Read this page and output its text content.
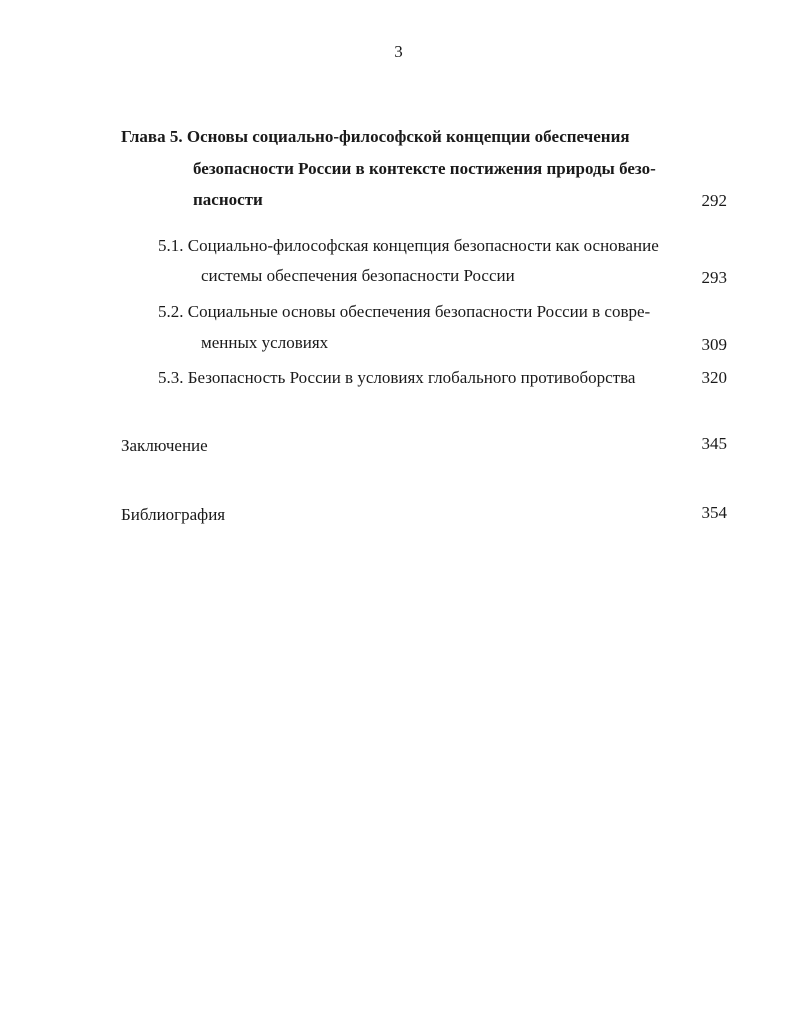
3
Глава 5. Основы социально-философской концепции обеспечения
безопасности России в контексте постижения природы безо-
пасности	292
5.1. Социально-философская концепция безопасности как основание
системы обеспечения безопасности России	293
5.2. Социальные основы обеспечения безопасности России в совре-
менных условиях	309
5.3. Безопасность России в условиях глобального противоборства	320
Заключение	345
Библиография	354
